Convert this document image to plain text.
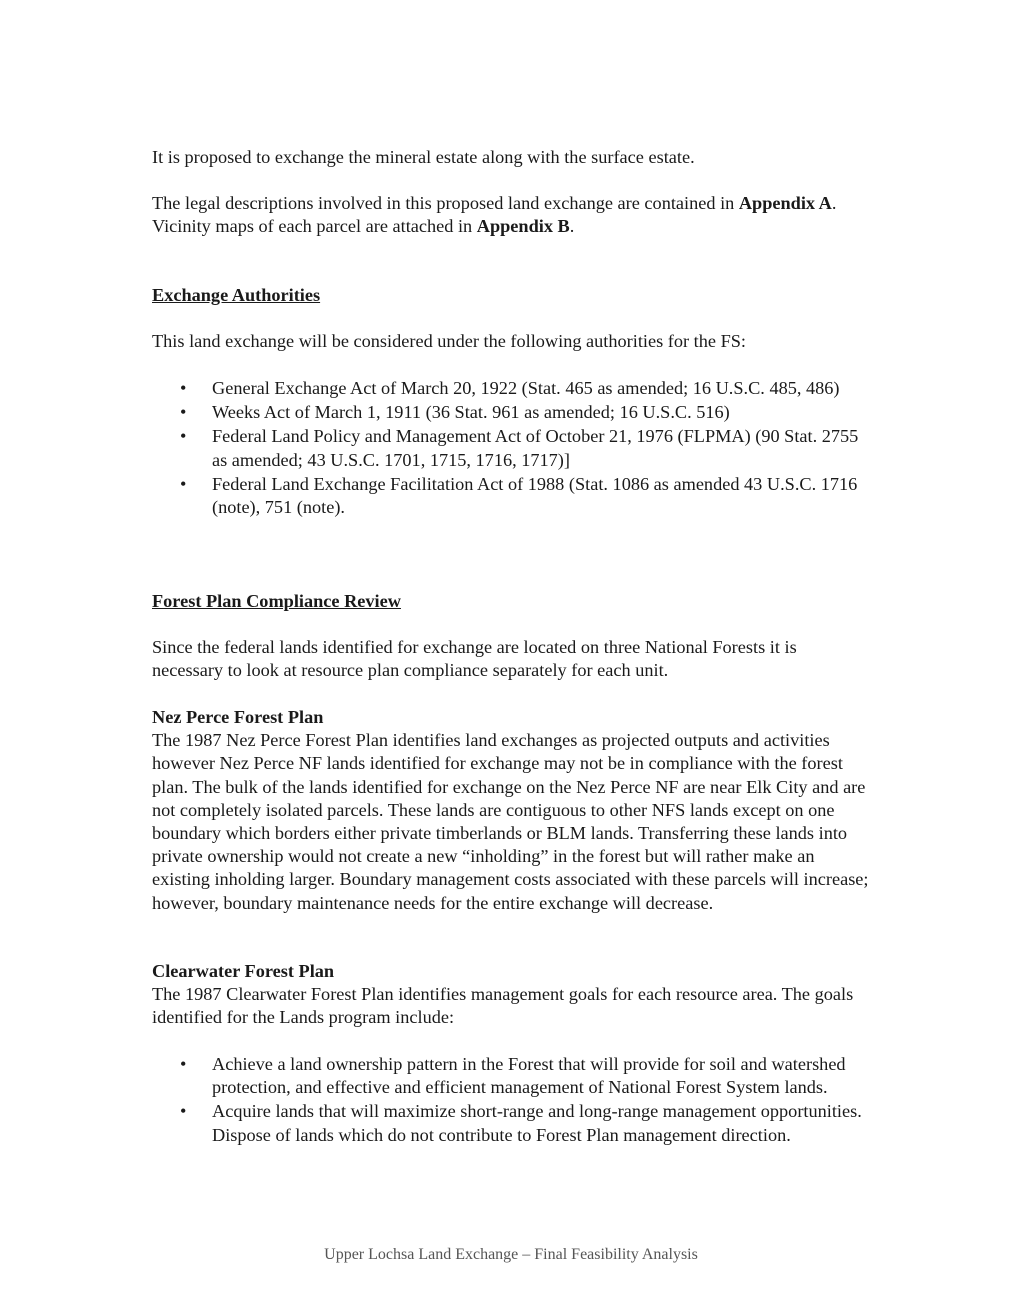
It is proposed to exchange the mineral estate along with the surface estate.

The legal descriptions involved in this proposed land exchange are contained in Appendix A. Vicinity maps of each parcel are attached in Appendix B.

Exchange Authorities

This land exchange will be considered under the following authorities for the FS:

• General Exchange Act of March 20, 1922 (Stat. 465 as amended; 16 U.S.C. 485, 486)
• Weeks Act of March 1, 1911 (36 Stat. 961 as amended; 16 U.S.C. 516)
• Federal Land Policy and Management Act of October 21, 1976 (FLPMA) (90 Stat. 2755 as amended; 43 U.S.C. 1701, 1715, 1716, 1717)]
• Federal Land Exchange Facilitation Act of 1988 (Stat. 1086 as amended 43 U.S.C. 1716 (note), 751 (note).
Forest Plan Compliance Review

Since the federal lands identified for exchange are located on three National Forests it is necessary to look at resource plan compliance separately for each unit.

Nez Perce Forest Plan
The 1987 Nez Perce Forest Plan identifies land exchanges as projected outputs and activities however Nez Perce NF lands identified for exchange may not be in compliance with the forest plan. The bulk of the lands identified for exchange on the Nez Perce NF are near Elk City and are not completely isolated parcels. These lands are contiguous to other NFS lands except on one boundary which borders either private timberlands or BLM lands. Transferring these lands into private ownership would not create a new “inholding” in the forest but will rather make an existing inholding larger. Boundary management costs associated with these parcels will increase; however, boundary maintenance needs for the entire exchange will decrease.
Clearwater Forest Plan
The 1987 Clearwater Forest Plan identifies management goals for each resource area. The goals identified for the Lands program include:
• Achieve a land ownership pattern in the Forest that will provide for soil and watershed protection, and effective and efficient management of National Forest System lands.
• Acquire lands that will maximize short-range and long-range management opportunities. Dispose of lands which do not contribute to Forest Plan management direction.
Upper Lochsa Land Exchange – Final Feasibility Analysis
